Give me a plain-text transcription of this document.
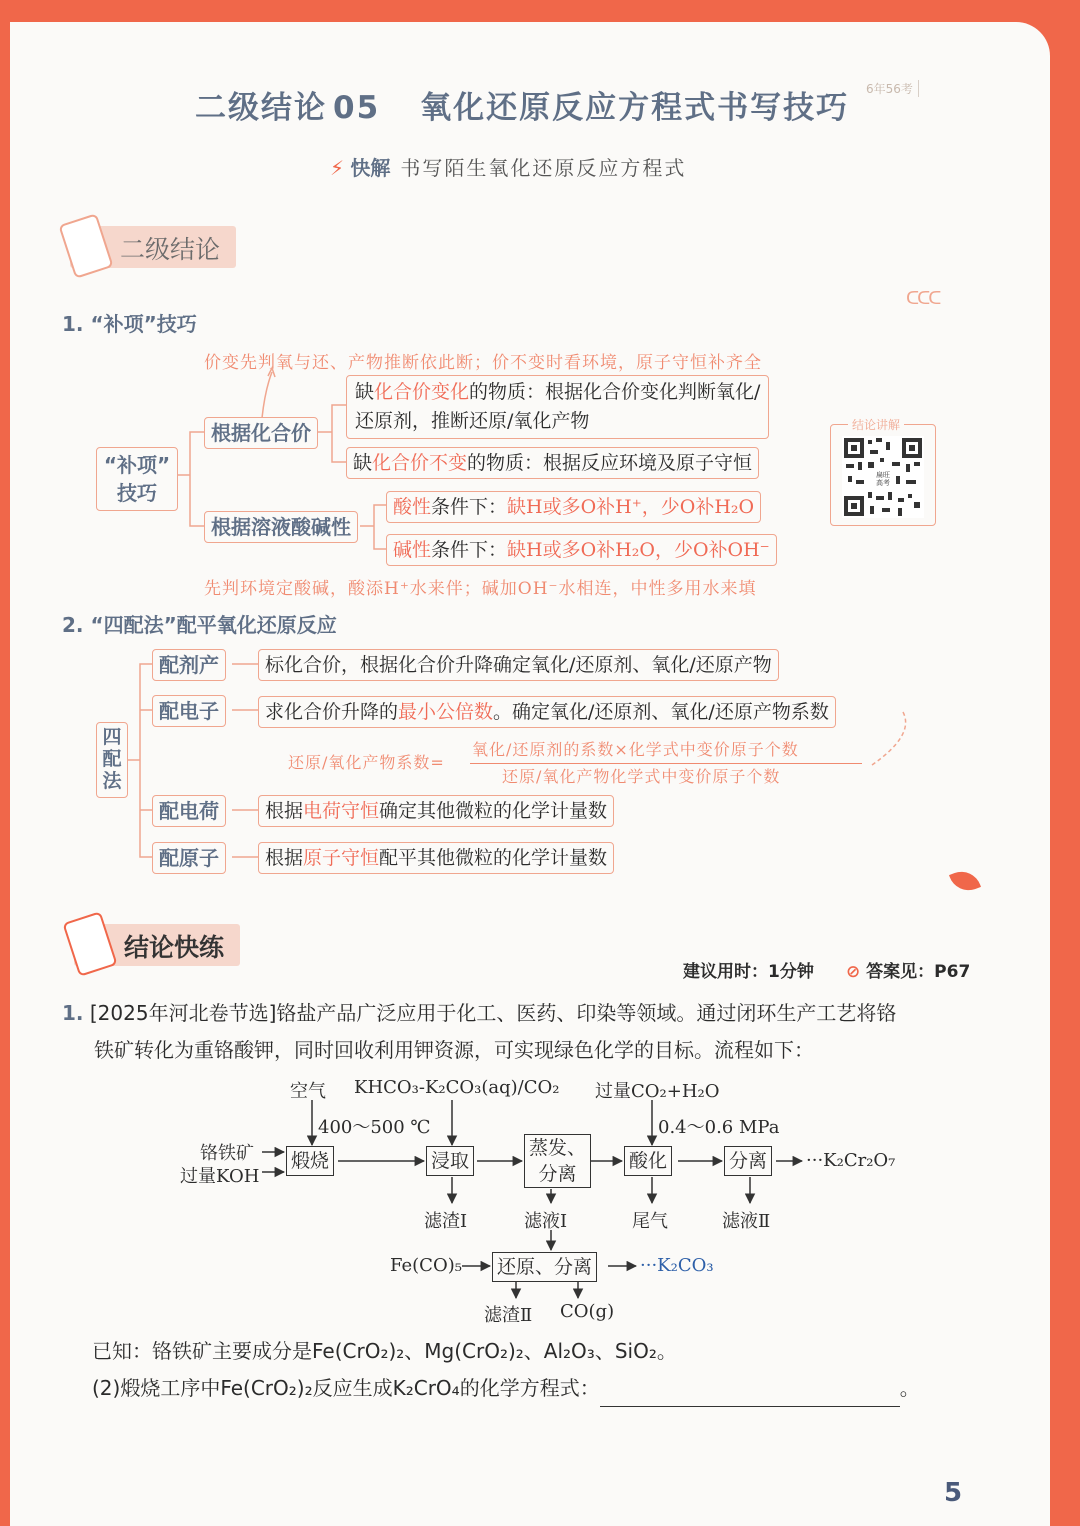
二级结论 05 氧化还原反应方程式书写技巧
6年56考
⚡ 快解 书写陌生氧化还原反应方程式
二级结论
1. “补项”技巧
ᑕᑕᑕ
价变先判氧与还、产物推断依此断；价不变时看环境，原子守恒补齐全
“补项”
技巧
根据化合价
根据溶液酸碱性
缺化合价变化的物质：根据化合价变化判断氧化/
还原剂，推断还原/氧化产物
缺化合价不变的物质：根据反应环境及原子守恒
酸性条件下：缺H或多O补H⁺，少O补H₂O
碱性条件下：缺H或多O补H₂O，少O补OH⁻
先判环境定酸碱，酸添H⁺水来伴；碱加OH⁻水相连，中性多用水来填
结论讲解
扁旺
高考
2. “四配法”配平氧化还原反应
四
配
法
配剂产
配电子
配电荷
配原子
标化合价，根据化合价升降确定氧化/还原剂、氧化/还原产物
求化合价升降的最小公倍数。确定氧化/还原剂、氧化/还原产物系数
根据电荷守恒确定其他微粒的化学计量数
根据原子守恒配平其他微粒的化学计量数
还原/氧化产物系数=
氧化/还原剂的系数×化学式中变价原子个数
还原/氧化产物化学式中变价原子个数
结论快练
建议用时：1分钟 ⊘ 答案见：P67
1. [2025年河北卷节选]铬盐产品广泛应用于化工、医药、印染等领域。通过闭环生产工艺将铬
铁矿转化为重铬酸钾，同时回收利用钾资源，可实现绿色化学的目标。流程如下：
铬铁矿
过量KOH
空气
400～500 ℃
KHCO₃-K₂CO₃(aq)/CO₂ 过量CO₂+H₂O
0.4～0.6 MPa
煅烧	浸取
蒸发、
分离
酸化	分离 ···K₂Cr₂O₇
滤渣Ⅰ	滤液Ⅰ	尾气	滤液Ⅱ
Fe(CO)₅ 还原、分离	···K₂CO₃
滤渣Ⅱ CO(g)
已知：铬铁矿主要成分是Fe(CrO₂)₂、Mg(CrO₂)₂、Al₂O₃、SiO₂。
(2)煅烧工序中Fe(CrO₂)₂反应生成K₂CrO₄的化学方程式：	。
5
